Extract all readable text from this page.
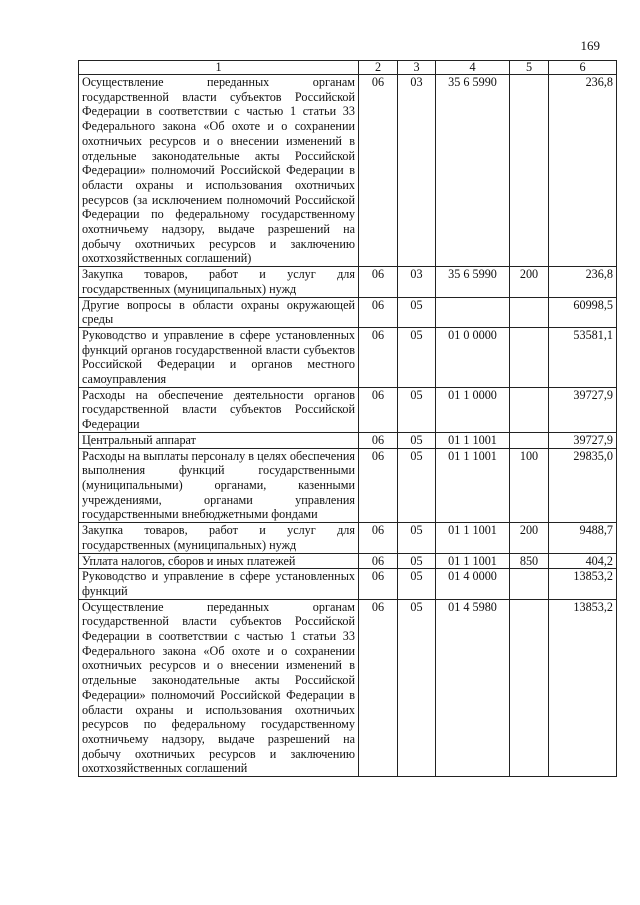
169
1	2	3	4	5	6
Осуществление переданных органам государственной власти субъектов Российской Федерации в соответствии с частью 1 статьи 33 Федерального закона «Об охоте и о сохранении охотничьих ресурсов и о внесении изменений в отдельные законодательные акты Российской Федерации» полномочий Российской Федерации в области охраны и использования охотничьих ресурсов (за исключением полномочий Российской Федерации по федеральному государственному охотничьему надзору, выдаче разрешений на добычу охотничьих ресурсов и заключению охотхозяйственных соглашений)	06	03	35 6 5990		236,8
Закупка товаров, работ и услуг для государственных (муниципальных) нужд	06	03	35 6 5990	200	236,8
Другие вопросы в области охраны окружающей среды	06	05			60998,5
Руководство и управление в сфере установленных функций органов государственной власти субъектов Российской Федерации и органов местного самоуправления	06	05	01 0 0000		53581,1
Расходы на обеспечение деятельности органов государственной власти субъектов Российской Федерации	06	05	01 1 0000		39727,9
Центральный аппарат	06	05	01 1 1001		39727,9
Расходы на выплаты персоналу в целях обеспечения выполнения функций государственными (муниципальными) органами, казенными учреждениями, органами управления государственными внебюджетными фондами	06	05	01 1 1001	100	29835,0
Закупка товаров, работ и услуг для государственных (муниципальных) нужд	06	05	01 1 1001	200	9488,7
Уплата налогов, сборов и иных платежей	06	05	01 1 1001	850	404,2
Руководство и управление в сфере установленных функций	06	05	01 4 0000		13853,2
Осуществление переданных органам государственной власти субъектов Российской Федерации в соответствии с частью 1 статьи 33 Федерального закона «Об охоте и о сохранении охотничьих ресурсов и о внесении изменений в отдельные законодательные акты Российской Федерации» полномочий Российской Федерации в области охраны и использования охотничьих ресурсов по федеральному государственному охотничьему надзору, выдаче разрешений на добычу охотничьих ресурсов и заключению охотхозяйственных соглашений	06	05	01 4 5980		13853,2
